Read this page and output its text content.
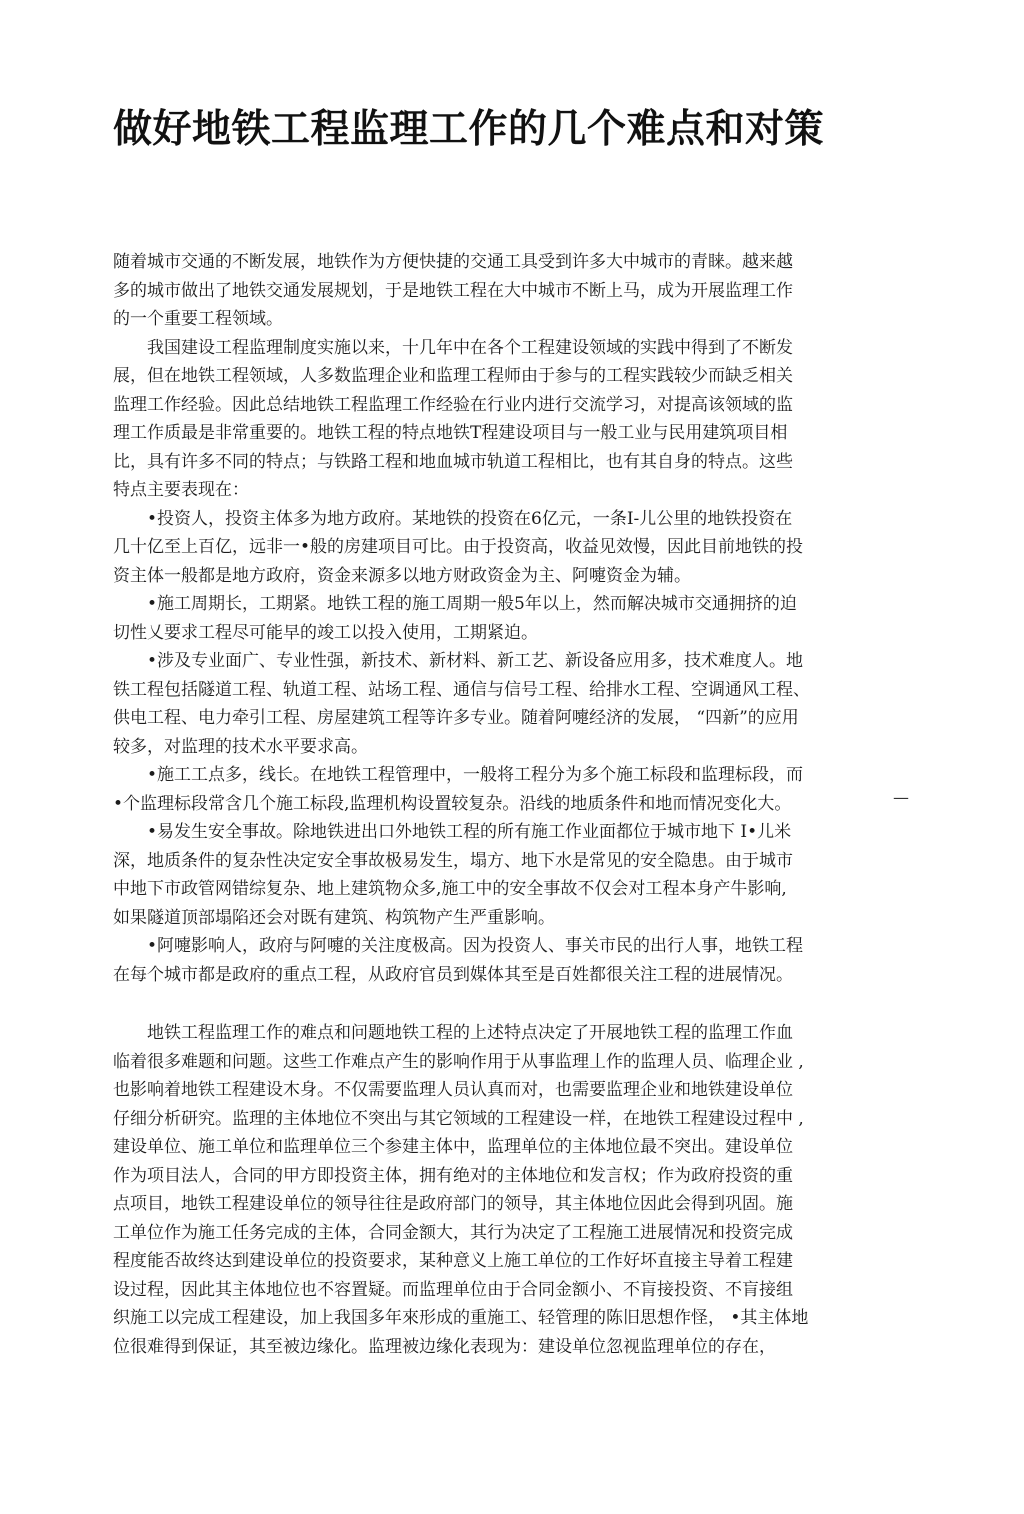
做好地铁工程监理工作的几个难点和对策

随着城市交通的不断发展，地铁作为方便快捷的交通工具受到许多大中城市的青睐。越来越
多的城市做出了地铁交通发展规划，于是地铁工程在大中城市不断上马，成为开展监理工作
的一个重要工程领域。

我国建设工程监理制度实施以来，十几年中在各个工程建设领域的实践中得到了不断发
展，但在地铁工程领域，人多数监理企业和监理工程师由于参与的工程实践较少而缺乏相关
监理工作经验。因此总结地铁工程监理工作经验在行业内进行交流学习，对提高该领域的监
理工作质最是非常重要的。地铁工程的特点地铁T程建设项目与一般工业与民用建筑项目相
比，具有许多不同的特点；与铁路工程和地血城市轨道工程相比，也有其自身的特点。这些
特点主要表现在：

•投资人，投资主体多为地方政府。某地铁的投资在6亿元，一条I-儿公里的地铁投资在
几十亿至上百亿，远非一•般的房建项目可比。由于投资高，收益见效慢，因此目前地铁的投
资主体一般都是地方政府，资金来源多以地方财政资金为主、阿嚏资金为辅。

•施工周期长，工期紧。地铁工程的施工周期一般5年以上，然而解决城市交通拥挤的迫
切性乂要求工程尽可能早的竣工以投入使用，工期紧迫。

•涉及专业面广、专业性强，新技术、新材料、新工艺、新设备应用多，技术难度人。地
铁工程包括隧道工程、轨道工程、站场工程、通信与信号工程、给排水工程、空调通风工程、
供电工程、电力牵引工程、房屋建筑工程等许多专业。随着阿嚏经济的发展， “四新”的应用
较多，对监理的技术水平要求高。

•施工工点多，线长。在地铁工程管理中，一般将工程分为多个施工标段和监理标段，而
•个监理标段常含几个施工标段,监理机构设置较复杂。沿线的地质条件和地而情况变化大。

•易发生安全事故。除地铁进出口外地铁工程的所有施工作业面都位于城市地下 I•儿米
深，地质条件的复杂性决定安全事故极易发生，塌方、地下水是常见的安全隐患。由于城市
中地下市政管网错综复杂、地上建筑物众多,施工中的安全事故不仅会对工程本身产牛影响,
如果隧道顶部塌陷还会对既有建筑、构筑物产生严重影响。

•阿嚏影响人，政府与阿嚏的关注度极高。因为投资人、事关市民的出行人事，地铁工程
在每个城市都是政府的重点工程，从政府官员到媒体其至是百姓都很关注工程的进展情况。

地铁工程监理工作的难点和问题地铁工程的上述特点决定了开展地铁工程的监理工作血
临着很多难题和问题。这些工作难点产生的影响作用于从事监理丄作的监理人员、临理企业 ,
也影响着地铁工程建设木身。不仅需要监理人员认真而对，也需要监理企业和地铁建设单位
仔细分析研究。监理的主体地位不突出与其它领域的工程建设一样，在地铁工程建设过程中 ,
建设单位、施工单位和监理单位三个参建主体中，监理单位的主体地位最不突出。建设单位
作为项目法人，合同的甲方即投资主体，拥有绝对的主体地位和发言权；作为政府投资的重
点项目，地铁工程建设单位的领导往往是政府部门的领导，其主体地位因此会得到巩固。施
工单位作为施工任务完成的主体，合同金额大，其行为决定了工程施工进展情况和投资完成
程度能否故终达到建设单位的投资要求，某种意义上施工单位的工作好坏直接主导着工程建
设过程，因此其主体地位也不容置疑。而监理单位由于合同金额小、不肓接投资、不肓接组
织施工以完成工程建设，加上我国多年來形成的重施工、轻管理的陈旧思想作怪， •其主体地
位很难得到保证，其至被边缘化。监理被边缘化表现为：建设单位忽视监理单位的存在，

—
